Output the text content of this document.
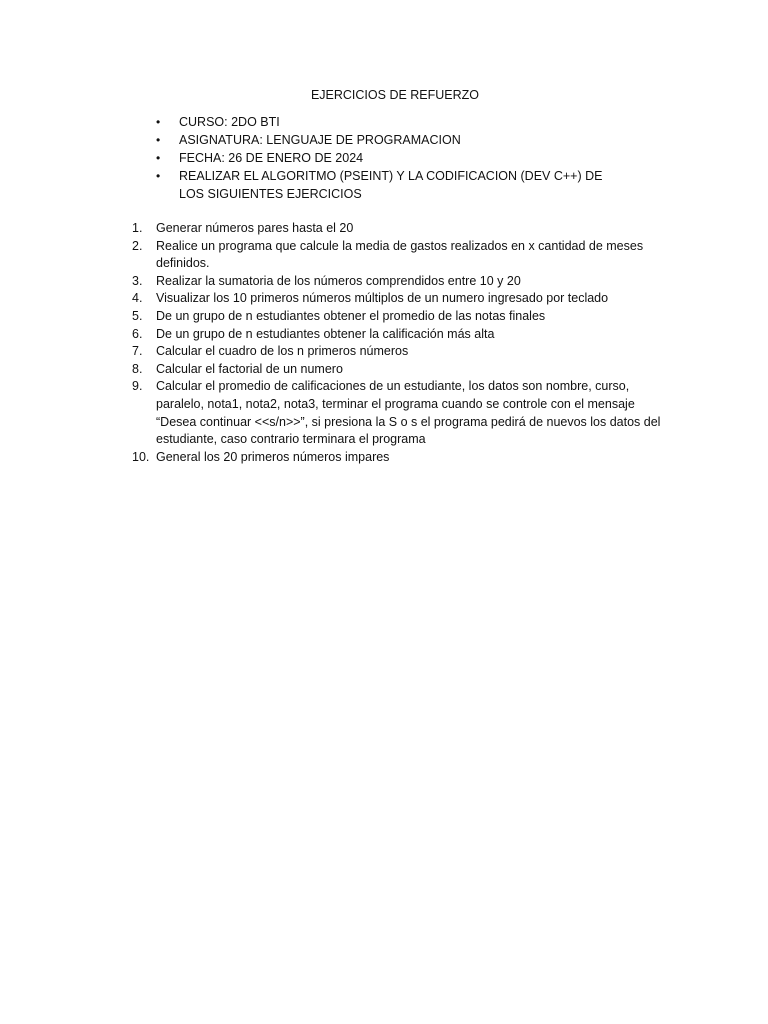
EJERCICIOS DE REFUERZO
• CURSO: 2DO BTI
• ASIGNATURA: LENGUAJE DE PROGRAMACION
• FECHA: 26 DE ENERO DE 2024
• REALIZAR EL ALGORITMO (PSEINT) Y LA CODIFICACION (DEV C++) DE LOS SIGUIENTES EJERCICIOS
1.	Generar números pares hasta el 20
2.	Realice un programa que calcule la media de gastos realizados en x cantidad de meses definidos.
3.	Realizar la sumatoria de los números comprendidos entre 10 y 20
4.	Visualizar los 10 primeros números múltiplos de un numero ingresado por teclado
5.	De un grupo de n estudiantes obtener el promedio de las notas finales
6.	De un grupo de n estudiantes obtener la calificación más alta
7.	Calcular el cuadro de los n primeros números
8.	Calcular el factorial de un numero
9.	Calcular el promedio de calificaciones de un estudiante, los datos son nombre, curso, paralelo, nota1, nota2, nota3, terminar el programa cuando se controle con el mensaje “Desea continuar <<s/n>>”, si presiona la S o s el programa pedirá de nuevos los datos del estudiante, caso contrario terminara el programa
10. General los 20 primeros números impares
